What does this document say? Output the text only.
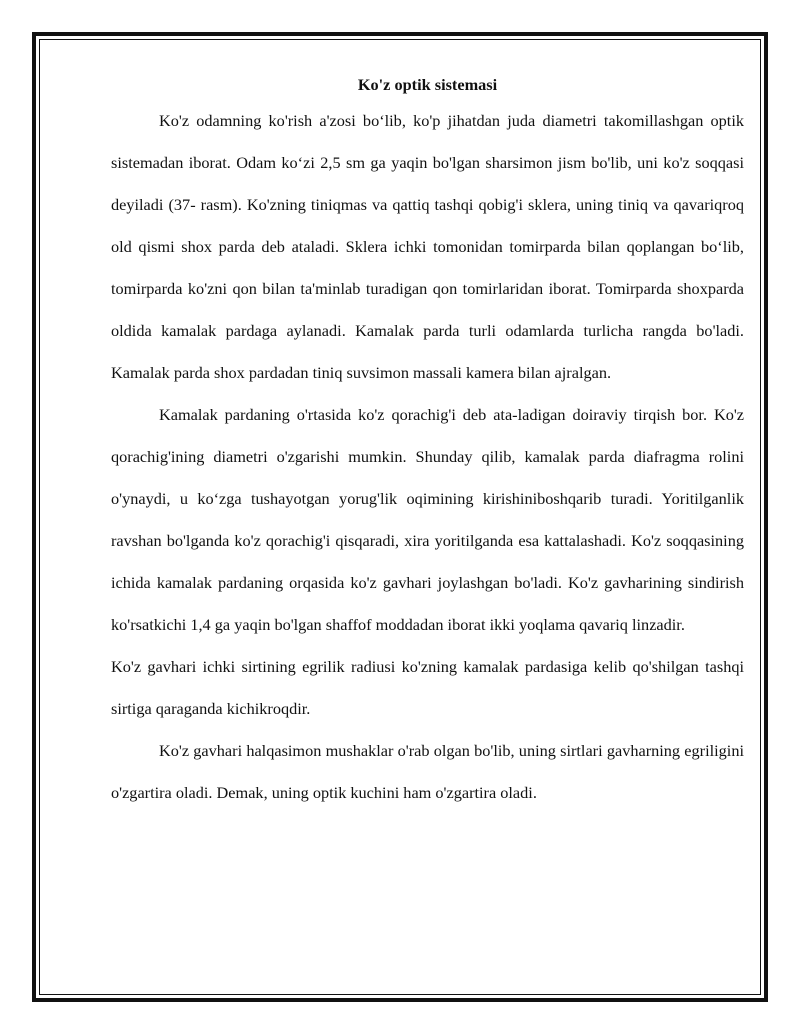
Ko'z optik sistemasi

Ko'z odamning ko'rish a'zosi bo‘lib, ko'p jihatdan juda diametri takomillashgan optik sistemadan iborat. Odam ko‘zi 2,5 sm ga yaqin bo'lgan sharsimon jism bo'lib, uni ko'z soqqasi deyiladi (37- rasm). Ko'zning tiniqmas va qattiq tashqi qobig'i sklera, uning tiniq va qavariqroq old qismi shox parda deb ataladi. Sklera ichki tomonidan tomirparda bilan qoplangan bo‘lib, tomirparda ko'zni qon bilan ta'minlab turadigan qon tomirlaridan iborat. Tomirparda shoxparda oldida kamalak pardaga aylanadi. Kamalak parda turli odamlarda turlicha rangda bo'ladi. Kamalak parda shox pardadan tiniq suvsimon massali kamera bilan ajralgan.

Kamalak pardaning o'rtasida ko'z qorachig'i deb ata-ladigan doiraviy tirqish bor. Ko'z qorachig'ining diametri o'zgarishi mumkin. Shunday qilib, kamalak parda diafragma rolini o'ynaydi, u ko‘zga tushayotgan yorug'lik oqimining kirishiniboshqarib turadi. Yoritilganlik ravshan bo'lganda ko'z qorachig'i qisqaradi, xira yoritilganda esa kattalashadi. Ko'z soqqasining ichida kamalak pardaning orqasida ko'z gavhari joylashgan bo'ladi. Ko'z gavharining sindirish ko'rsatkichi 1,4 ga yaqin bo'lgan shaffof moddadan iborat ikki yoqlama qavariq linzadir.

Ko'z gavhari ichki sirtining egrilik radiusi ko'zning kamalak pardasiga kelib qo'shilgan tashqi sirtiga qaraganda kichikroqdir.

Ko'z gavhari halqasimon mushaklar o'rab olgan bo'lib, uning sirtlari gavharning egriligini o'zgartira oladi. Demak, uning optik kuchini ham o'zgartira oladi.
